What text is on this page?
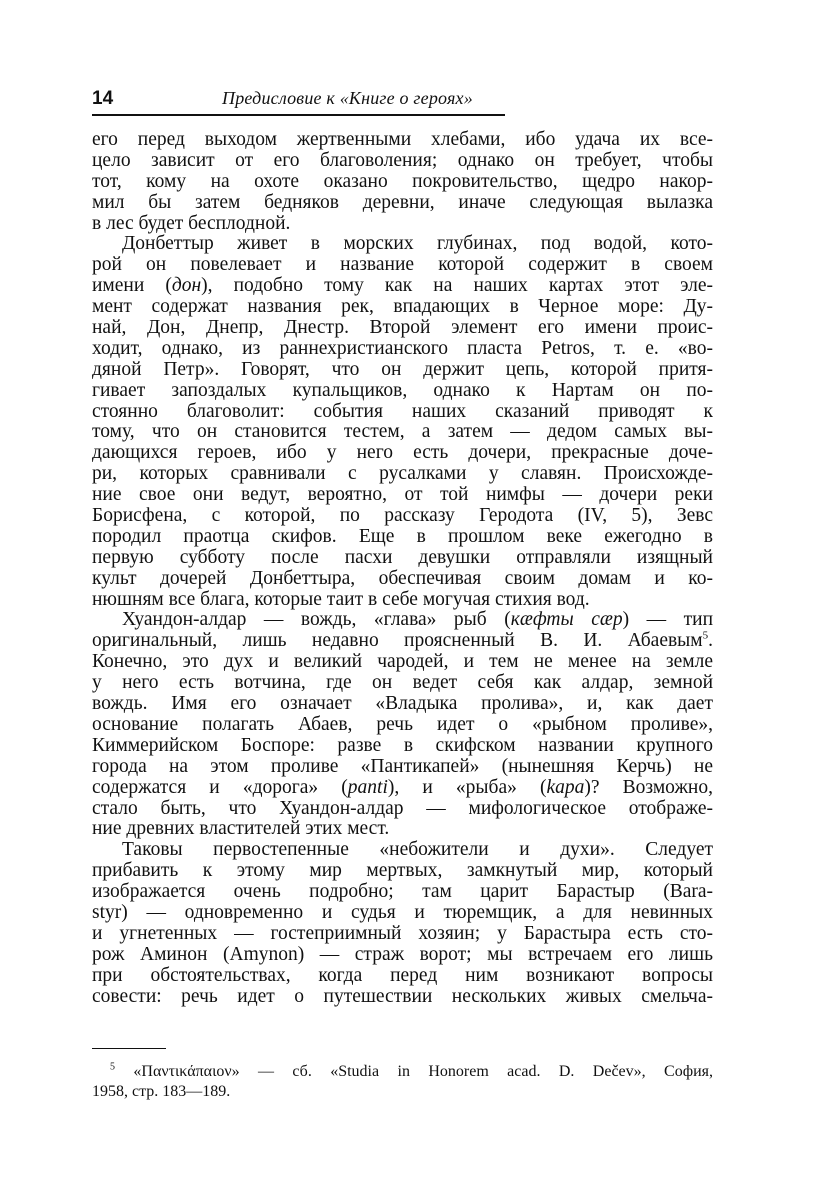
14	Предисловие к «Книге о героях»
его перед выходом жертвенными хлебами, ибо удача их все-
цело зависит от его благоволения; однако он требует, чтобы
тот, кому на охоте оказано покровительство, щедро накор-
мил бы затем бедняков деревни, иначе следующая вылазка
в лес будет бесплодной.
Донбеттыр живет в морских глубинах, под водой, кото-
рой он повелевает и название которой содержит в своем
имени (дон), подобно тому как на наших картах этот эле-
мент содержат названия рек, впадающих в Черное море: Ду-
най, Дон, Днепр, Днестр. Второй элемент его имени проис-
ходит, однако, из раннехристианского пласта Petros, т. е. «во-
дяной Петр». Говорят, что он держит цепь, которой притя-
гивает запоздалых купальщиков, однако к Нартам он по-
стоянно благоволит: события наших сказаний приводят к
тому, что он становится тестем, а затем — дедом самых вы-
дающихся героев, ибо у него есть дочери, прекрасные доче-
ри, которых сравнивали с русалками у славян. Происхожде-
ние свое они ведут, вероятно, от той нимфы — дочери реки
Борисфена, с которой, по рассказу Геродота (IV, 5), Зевс
породил праотца скифов. Еще в прошлом веке ежегодно в
первую субботу после пасхи девушки отправляли изящный
культ дочерей Донбеттыра, обеспечивая своим домам и ко-
нюшням все блага, которые таит в себе могучая стихия вод.
Хуандон-алдар — вождь, «глава» рыб (кæфты сæр) — тип
оригинальный, лишь недавно проясненный В. И. Абаевым$^5$.
Конечно, это дух и великий чародей, и тем не менее на земле
у него есть вотчина, где он ведет себя как алдар, земной
вождь. Имя его означает «Владыка пролива», и, как дает
основание полагать Абаев, речь идет о «рыбном проливе»,
Киммерийском Боспоре: разве в скифском названии крупного
города на этом проливе «Пантикапей» (нынешняя Керчь) не
содержатся и «дорога» (panti), и «рыба» (kapa)? Возможно,
стало быть, что Хуандон-алдар — мифологическое отображе-
ние древних властителей этих мест.
Таковы первостепенные «небожители и духи». Следует
прибавить к этому мир мертвых, замкнутый мир, который
изображается очень подробно; там царит Барастыр (Bara-
styr) — одновременно и судья и тюремщик, а для невинных
и угнетенных — гостеприимный хозяин; у Барастыра есть сто-
рож Аминон (Amynon) — страж ворот; мы встречаем его лишь
при обстоятельствах, когда перед ним возникают вопросы
совести: речь идет о путешествии нескольких живых смельча-
$^5$ «Παντικάπαιον» — сб. «Studia in Honorem acad. D. Dečev», София,
1958, стр. 183—189.
